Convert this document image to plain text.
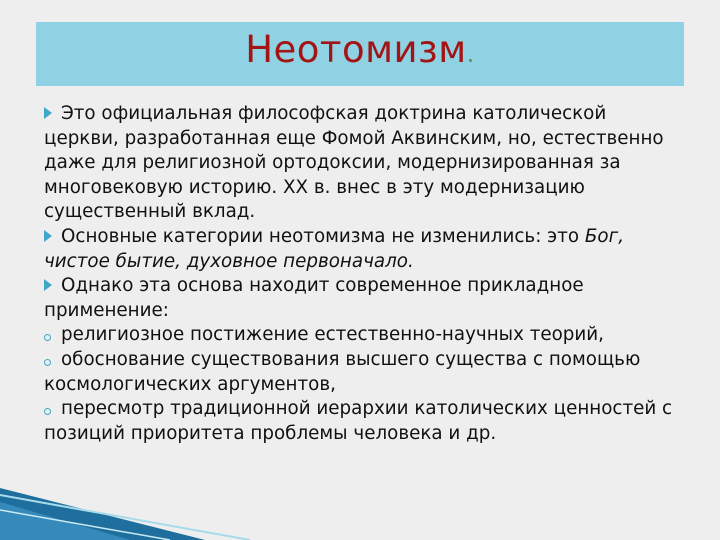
Неотомизм.

Это официальная философская доктрина католической церкви, разработанная еще Фомой Аквинским, но, естественно даже для религиозной ортодоксии, модернизированная за многовековую историю. XX в. внес в эту модернизацию существенный вклад.

Основные категории неотомизма не изменились: это Бог, чистое бытие, духовное первоначало.

Однако эта основа находит современное прикладное применение:

религиозное постижение естественно-научных теорий,

обоснование существования высшего существа с помощью космологических аргументов,

пересмотр традиционной иерархии католических ценностей с позиций приоритета проблемы человека и др.
